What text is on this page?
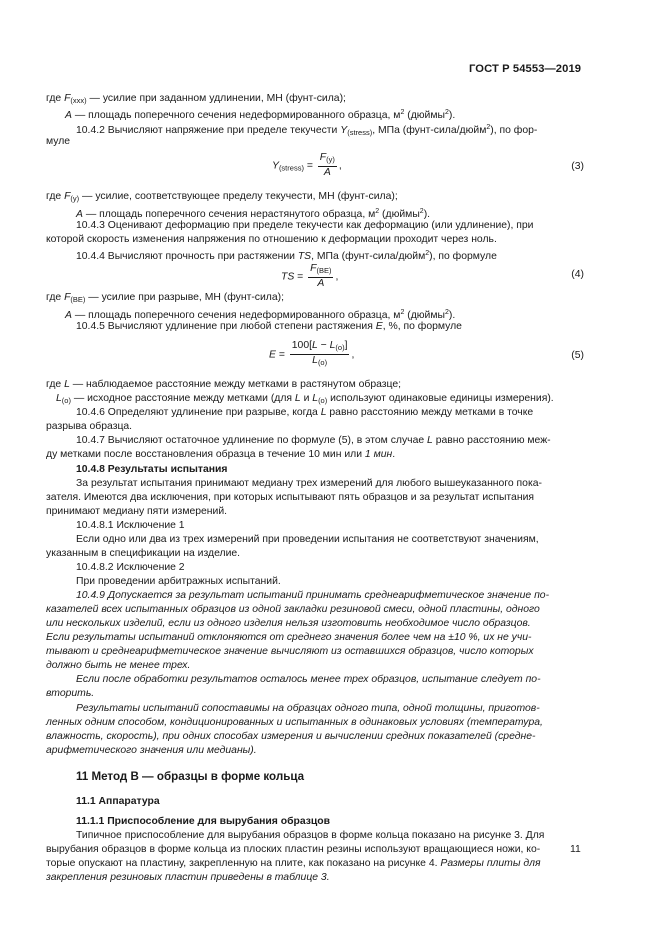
ГОСТ Р 54553—2019
где $F_{(xxx)}$ — усилие при заданном удлинении, МН (фунт-сила);
A — площадь поперечного сечения недеформированного образца, $м^2$ (дюймы$^2$).
10.4.2 Вычисляют напряжение при пределе текучести $Y_{(stress)}$, МПа (фунт-сила/дюйм$^2$), по фор-
муле
$Y_{(stress)} = \frac{F_{(y)}}{A}$ ,	(3)
где $F_{(y)}$ — усилие, соответствующее пределу текучести, МН (фунт-сила);
A — площадь поперечного сечения нерастянутого образца, $м^2$ (дюймы$^2$).
10.4.3 Оценивают деформацию при пределе текучести как деформацию (или удлинение), при
которой скорость изменения напряжения по отношению к деформации проходит через ноль.
10.4.4 Вычисляют прочность при растяжении TS, МПа (фунт-сила/дюйм$^2$), по формуле
TS = $\frac{F_{(BE)}}{A}$ ,	(4)
где $F_{(BE)}$ — усилие при разрыве, МН (фунт-сила);
A — площадь поперечного сечения недеформированного образца, $м^2$ (дюймы$^2$).
10.4.5 Вычисляют удлинение при любой степени растяжения E, %, по формуле
$E = \frac{100[L - L_{(o)}]}{L_{(o)}}$ ,	(5)
где L — наблюдаемое расстояние между метками в растянутом образце;
$L_{(o)}$ — исходное расстояние между метками (для L и $L_{(o)}$ используют одинаковые единицы измерения).
10.4.6 Определяют удлинение при разрыве, когда L равно расстоянию между метками в точке
разрыва образца.
10.4.7 Вычисляют остаточное удлинение по формуле (5), в этом случае L равно расстоянию меж-
ду метками после восстановления образца в течение 10 мин или 1 мин.
10.4.8 Результаты испытания
За результат испытания принимают медиану трех измерений для любого вышеуказанного пока-
зателя. Имеются два исключения, при которых испытывают пять образцов и за результат испытания
принимают медиану пяти измерений.
10.4.8.1 Исключение 1
Если одно или два из трех измерений при проведении испытания не соответствуют значениям,
указанным в спецификации на изделие.
10.4.8.2 Исключение 2
При проведении арбитражных испытаний.
10.4.9 Допускается за результат испытаний принимать среднеарифметическое значение по-
казателей всех испытанных образцов из одной закладки резиновой смеси, одной пластины, одного
или нескольких изделий, если из одного изделия нельзя изготовить необходимое число образцов.
Если результаты испытаний отклоняются от среднего значения более чем на ±10 %, их не учи-
тывают и среднеарифметическое значение вычисляют из оставшихся образцов, число которых
должно быть не менее трех.
Если после обработки результатов осталось менее трех образцов, испытание следует по-
вторить.
Результаты испытаний сопоставимы на образцах одного типа, одной толщины, приготов-
ленных одним способом, кондиционированных и испытанных в одинаковых условиях (температура,
влажность, скорость), при одних способах измерения и вычислении средних показателей (средне-
арифметического значения или медианы).
11 Метод В — образцы в форме кольца
11.1 Аппаратура
11.1.1 Приспособление для вырубания образцов
Типичное приспособление для вырубания образцов в форме кольца показано на рисунке 3. Для
вырубания образцов в форме кольца из плоских пластин резины используют вращающиеся ножи, ко-
торые опускают на пластину, закрепленную на плите, как показано на рисунке 4. Размеры плиты для
закрепления резиновых пластин приведены в таблице 3.
11
